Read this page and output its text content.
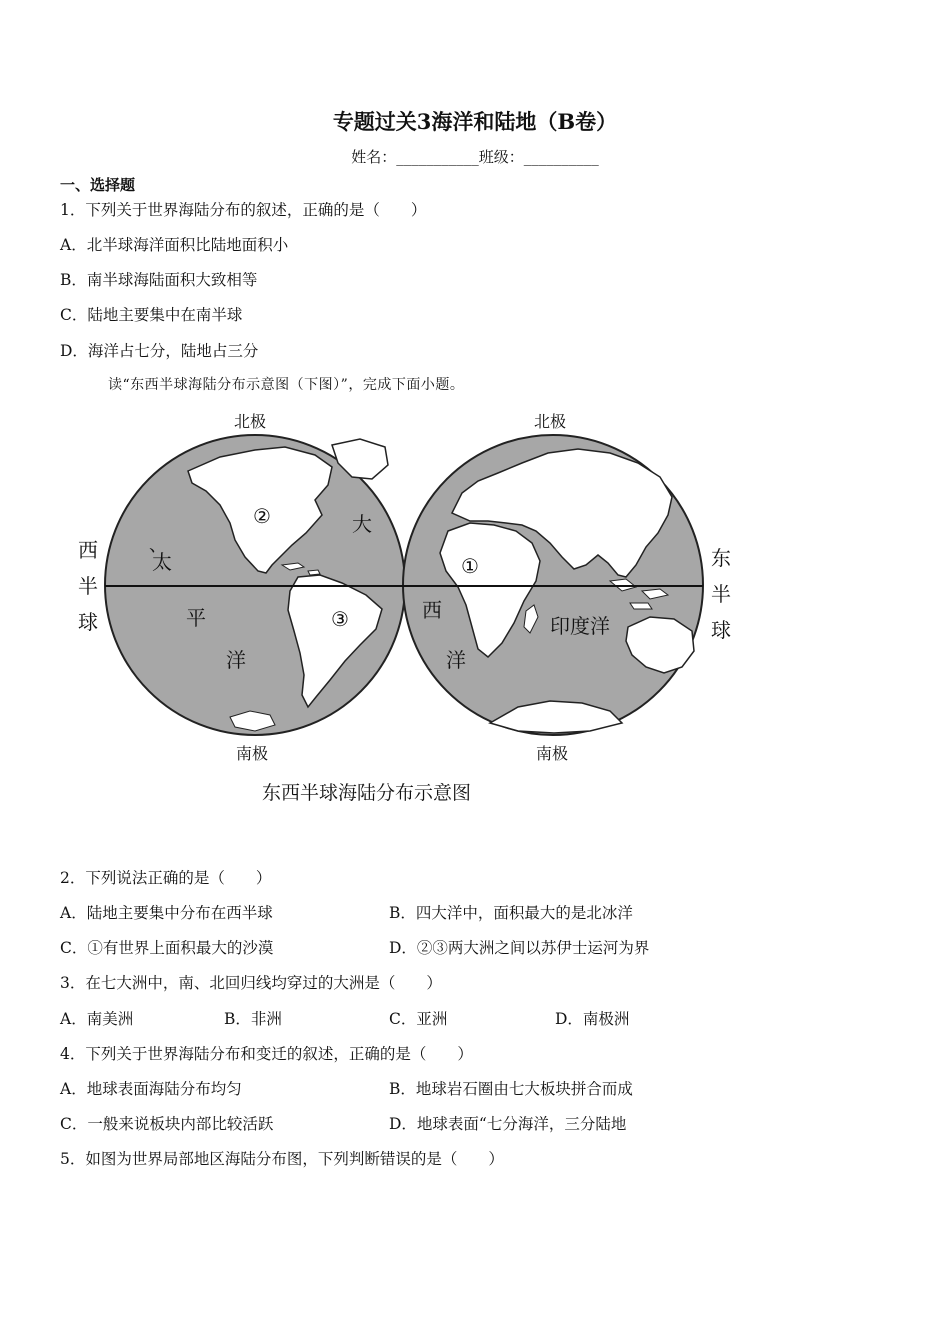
专题过关3海洋和陆地（B卷）
姓名：___________班级：__________
一、选择题
1．下列关于世界海陆分布的叙述，正确的是（　　）
A．北半球海洋面积比陆地面积小
B．南半球海陆面积大致相等
C．陆地主要集中在南半球
D．海洋占七分，陆地占三分
读“东西半球海陆分布示意图（下图）”，完成下面小题。
北极	北极
南极	南极
西
半
球
东
半
球
太
、
平
洋
大
西
洋
印度洋
②
③
①
东西半球海陆分布示意图
2．下列说法正确的是（　　）
A．陆地主要集中分布在西半球	B．四大洋中，面积最大的是北冰洋
C．①有世界上面积最大的沙漠	D．②③两大洲之间以苏伊士运河为界
3．在七大洲中，南、北回归线均穿过的大洲是（　　）
A．南美洲	B．非洲	C．亚洲	D．南极洲
4．下列关于世界海陆分布和变迁的叙述，正确的是（　　）
A．地球表面海陆分布均匀	B．地球岩石圈由七大板块拼合而成
C．一般来说板块内部比较活跃	D．地球表面“七分海洋，三分陆地
5．如图为世界局部地区海陆分布图，下列判断错误的是（　　）
